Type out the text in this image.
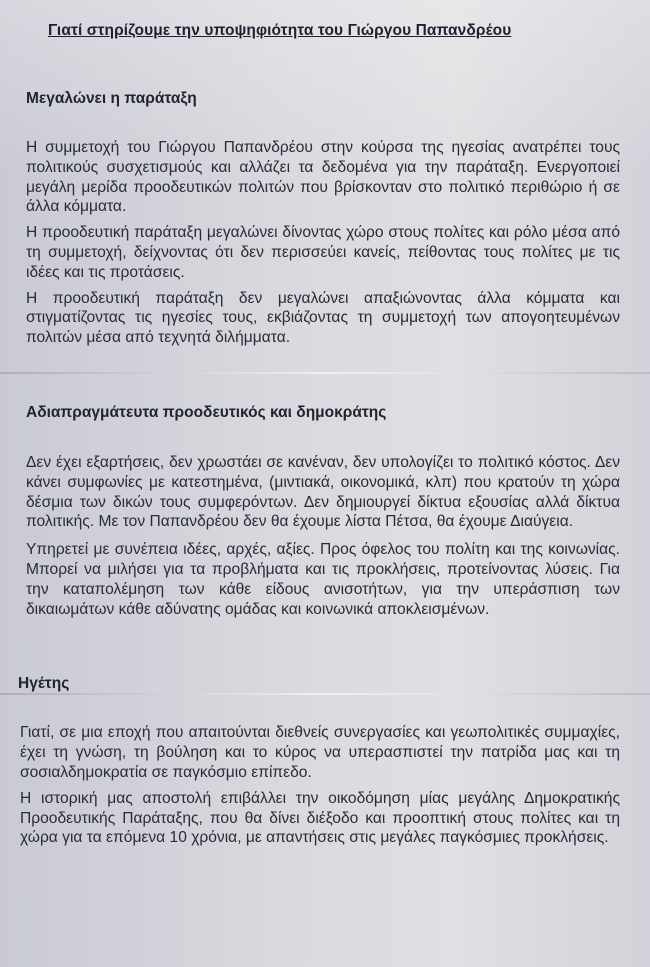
Γιατί στηρίζουμε την υποψηφιότητα του Γιώργου Παπανδρέου
Μεγαλώνει η παράταξη

Η συμμετοχή του Γιώργου Παπανδρέου στην κούρσα της ηγεσίας ανατρέπει τους πολιτικούς συσχετισμούς και αλλάζει τα δεδομένα για την παράταξη. Ενεργοποιεί μεγάλη μερίδα προοδευτικών πολιτών που βρίσκονταν στο πολιτικό περιθώριο ή σε άλλα κόμματα.

Η προοδευτική παράταξη μεγαλώνει δίνοντας χώρο στους πολίτες και ρόλο μέσα από τη συμμετοχή, δείχνοντας ότι δεν περισσεύει κανείς, πείθοντας τους πολίτες με τις ιδέες και τις προτάσεις.

Η προοδευτική παράταξη δεν μεγαλώνει απαξιώνοντας άλλα κόμματα και στιγματίζοντας τις ηγεσίες τους, εκβιάζοντας τη συμμετοχή των απογοητευμένων πολιτών μέσα από τεχνητά διλήμματα.

Αδιαπραγμάτευτα προοδευτικός και δημοκράτης

Δεν έχει εξαρτήσεις, δεν χρωστάει σε κανέναν, δεν υπολογίζει το πολιτικό κόστος. Δεν κάνει συμφωνίες με κατεστημένα, (μιντιακά, οικονομικά, κλπ) που κρατούν τη χώρα δέσμια των δικών τους συμφερόντων. Δεν δημιουργεί δίκτυα εξουσίας αλλά δίκτυα πολιτικής. Με τον Παπανδρέου δεν θα έχουμε λίστα Πέτσα, θα έχουμε Διαύγεια.

Υπηρετεί με συνέπεια ιδέες, αρχές, αξίες. Προς όφελος του πολίτη και της κοινωνίας. Μπορεί να μιλήσει για τα προβλήματα και τις προκλήσεις, προτείνοντας λύσεις. Για την καταπολέμηση των κάθε είδους ανισοτήτων, για την υπεράσπιση των δικαιωμάτων κάθε αδύνατης ομάδας και κοινωνικά αποκλεισμένων.

Ηγέτης

Γιατί, σε μια εποχή που απαιτούνται διεθνείς συνεργασίες και γεωπολιτικές συμμαχίες, έχει τη γνώση, τη βούληση και το κύρος να υπερασπιστεί την πατρίδα μας και τη σοσιαλδημοκρατία σε παγκόσμιο επίπεδο.

Η ιστορική μας αποστολή επιβάλλει την οικοδόμηση μίας μεγάλης Δημοκρατικής Προοδευτικής Παράταξης, που θα δίνει διέξοδο και προοπτική στους πολίτες και τη χώρα για τα επόμενα 10 χρόνια, με απαντήσεις στις μεγάλες παγκόσμιες προκλήσεις.
